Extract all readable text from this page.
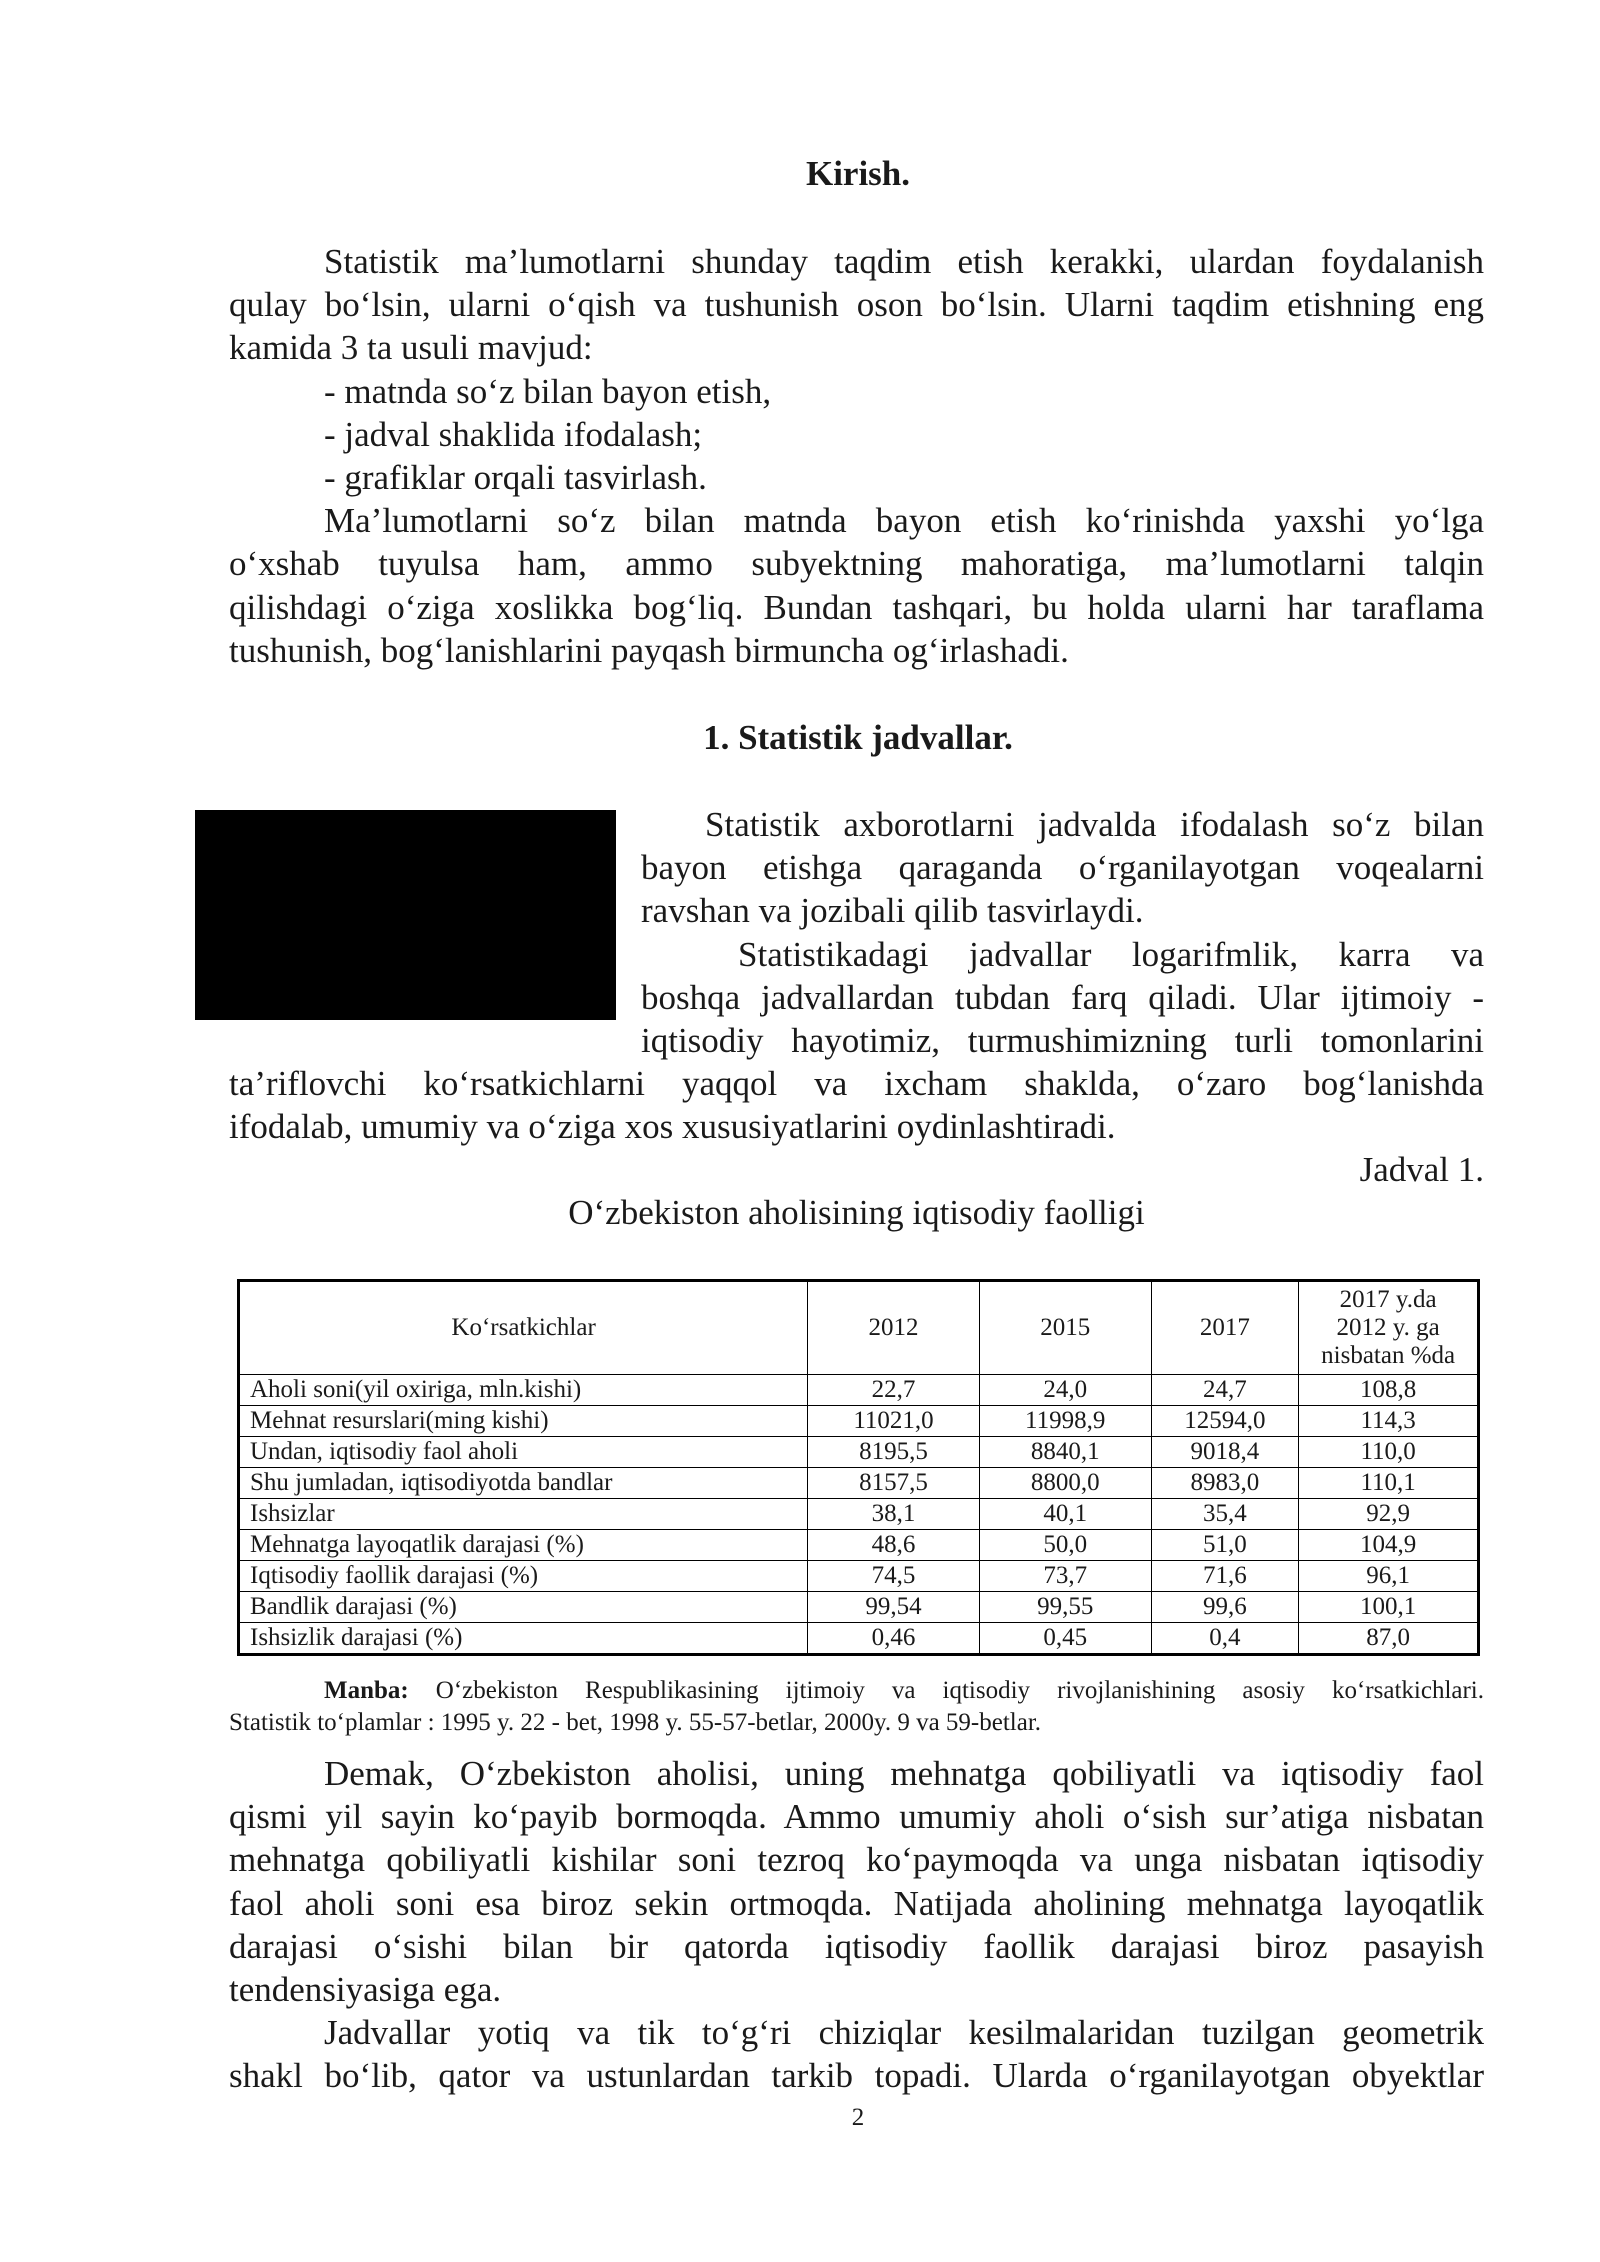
Kirish.

Statistik ma’lumotlarni shunday taqdim etish kerakki, ulardan foydalanish

qulay bo‘lsin, ularni o‘qish va tushunish oson bo‘lsin. Ularni taqdim etishning eng

kamida 3 ta usuli mavjud:

- matnda so‘z bilan bayon etish,

- jadval shaklida ifodalash;

- grafiklar orqali tasvirlash.

Ma’lumotlarni so‘z bilan matnda bayon etish ko‘rinishda yaxshi yo‘lga

o‘xshab tuyulsa ham, ammo subyektning mahoratiga, ma’lumotlarni talqin

qilishdagi o‘ziga xoslikka bog‘liq. Bundan tashqari, bu holda ularni har taraflama

tushunish, bog‘lanishlarini payqash birmuncha og‘irlashadi.

1. Statistik jadvallar.

Statistik axborotlarni jadvalda ifodalash so‘z bilan

bayon etishga qaraganda o‘rganilayotgan voqealarni

ravshan va jozibali qilib tasvirlaydi.

Statistikadagi jadvallar logarifmlik, karra va

boshqa jadvallardan tubdan farq qiladi. Ular ijtimoiy -

iqtisodiy hayotimiz, turmushimizning turli tomonlarini

ta’riflovchi ko‘rsatkichlarni yaqqol va ixcham shaklda, o‘zaro bog‘lanishda

ifodalab, umumiy va o‘ziga xos xususiyatlarini oydinlashtiradi.

Jadval 1.

O‘zbekiston aholisining iqtisodiy faolligi

Ko‘rsatkichlar	2012	2015	2017	2017 y.da
2012 y. ga
nisbatan %da

Aholi soni(yil oxiriga, mln.kishi)	22,7	24,0	24,7	108,8
Mehnat resurslari(ming kishi)	11021,0	11998,9	12594,0	114,3
Undan, iqtisodiy faol aholi	8195,5	8840,1	9018,4	110,0
Shu jumladan, iqtisodiyotda bandlar	8157,5	8800,0	8983,0	110,1
Ishsizlar	38,1	40,1	35,4	92,9
Mehnatga layoqatlik darajasi (%)	48,6	50,0	51,0	104,9
Iqtisodiy faollik darajasi (%)	74,5	73,7	71,6	96,1
Bandlik darajasi (%)	99,54	99,55	99,6	100,1
Ishsizlik darajasi (%)	0,46	0,45	0,4	87,0
Manba: O‘zbekiston Respublikasining ijtimoiy va iqtisodiy rivojlanishining asosiy ko‘rsatkichlari.
Statistik to‘plamlar : 1995 y. 22 - bet, 1998 y. 55-57-betlar, 2000y. 9 va 59-betlar.

Demak, O‘zbekiston aholisi, uning mehnatga qobiliyatli va iqtisodiy faol

qismi yil sayin ko‘payib bormoqda. Ammo umumiy aholi o‘sish sur’atiga nisbatan

mehnatga qobiliyatli kishilar soni tezroq ko‘paymoqda va unga nisbatan iqtisodiy

faol aholi soni esa biroz sekin ortmoqda. Natijada aholining mehnatga layoqatlik

darajasi o‘sishi bilan bir qatorda iqtisodiy faollik darajasi biroz pasayish

tendensiyasiga ega.

Jadvallar yotiq va tik to‘g‘ri chiziqlar kesilmalaridan tuzilgan geometrik

shakl bo‘lib, qator va ustunlardan tarkib topadi. Ularda o‘rganilayotgan obyektlar

2
